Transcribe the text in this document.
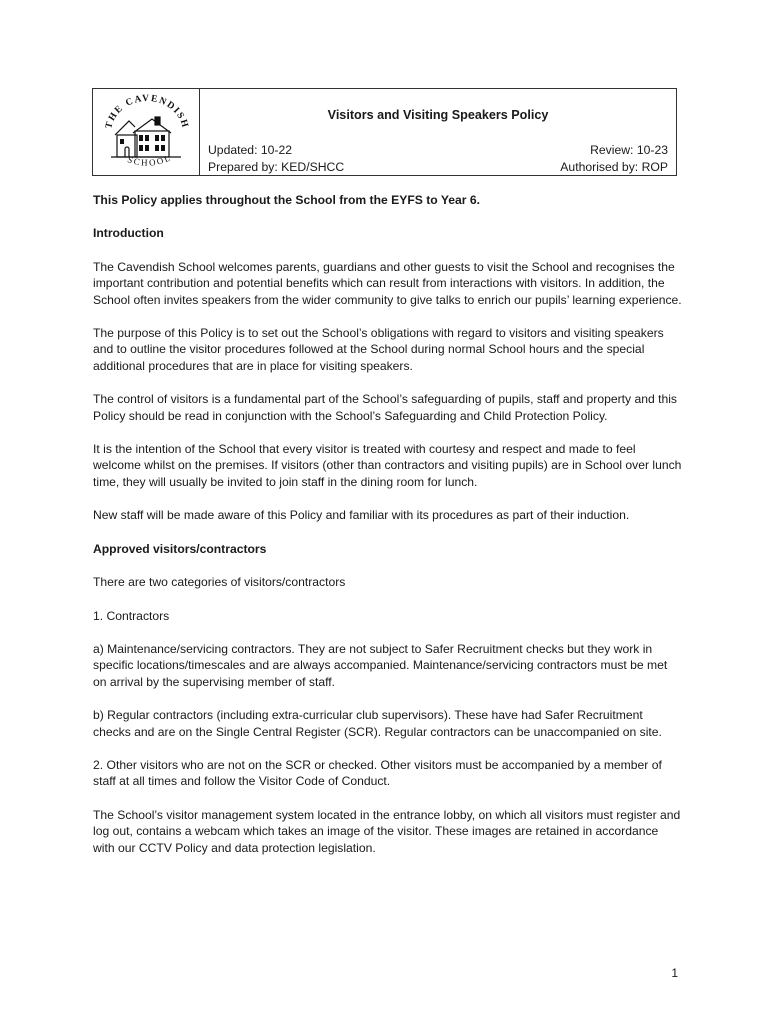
THE CAVENDISH
SCHOOL
Visitors and Visiting Speakers Policy
Updated: 10-22
Prepared by: KED/SHCC
Review: 10-23
Authorised by: ROP

This Policy applies throughout the School from the EYFS to Year 6.

Introduction

The Cavendish School welcomes parents, guardians and other guests to visit the School and recognises the important contribution and potential benefits which can result from interactions with visitors. In addition, the School often invites speakers from the wider community to give talks to enrich our pupils’ learning experience.

The purpose of this Policy is to set out the School’s obligations with regard to visitors and visiting speakers and to outline the visitor procedures followed at the School during normal School hours and the special additional procedures that are in place for visiting speakers.

The control of visitors is a fundamental part of the School’s safeguarding of pupils, staff and property and this Policy should be read in conjunction with the School’s Safeguarding and Child Protection Policy.

It is the intention of the School that every visitor is treated with courtesy and respect and made to feel welcome whilst on the premises. If visitors (other than contractors and visiting pupils) are in School over lunch time, they will usually be invited to join staff in the dining room for lunch.

New staff will be made aware of this Policy and familiar with its procedures as part of their induction.

Approved visitors/contractors

There are two categories of visitors/contractors

1. Contractors

a) Maintenance/servicing contractors. They are not subject to Safer Recruitment checks but they work in specific locations/timescales and are always accompanied. Maintenance/servicing contractors must be met on arrival by the supervising member of staff.

b) Regular contractors (including extra-curricular club supervisors). These have had Safer Recruitment checks and are on the Single Central Register (SCR). Regular contractors can be unaccompanied on site.

2. Other visitors who are not on the SCR or checked. Other visitors must be accompanied by a member of staff at all times and follow the Visitor Code of Conduct.

The School’s visitor management system located in the entrance lobby, on which all visitors must register and log out, contains a webcam which takes an image of the visitor. These images are retained in accordance with our CCTV Policy and data protection legislation.

1
